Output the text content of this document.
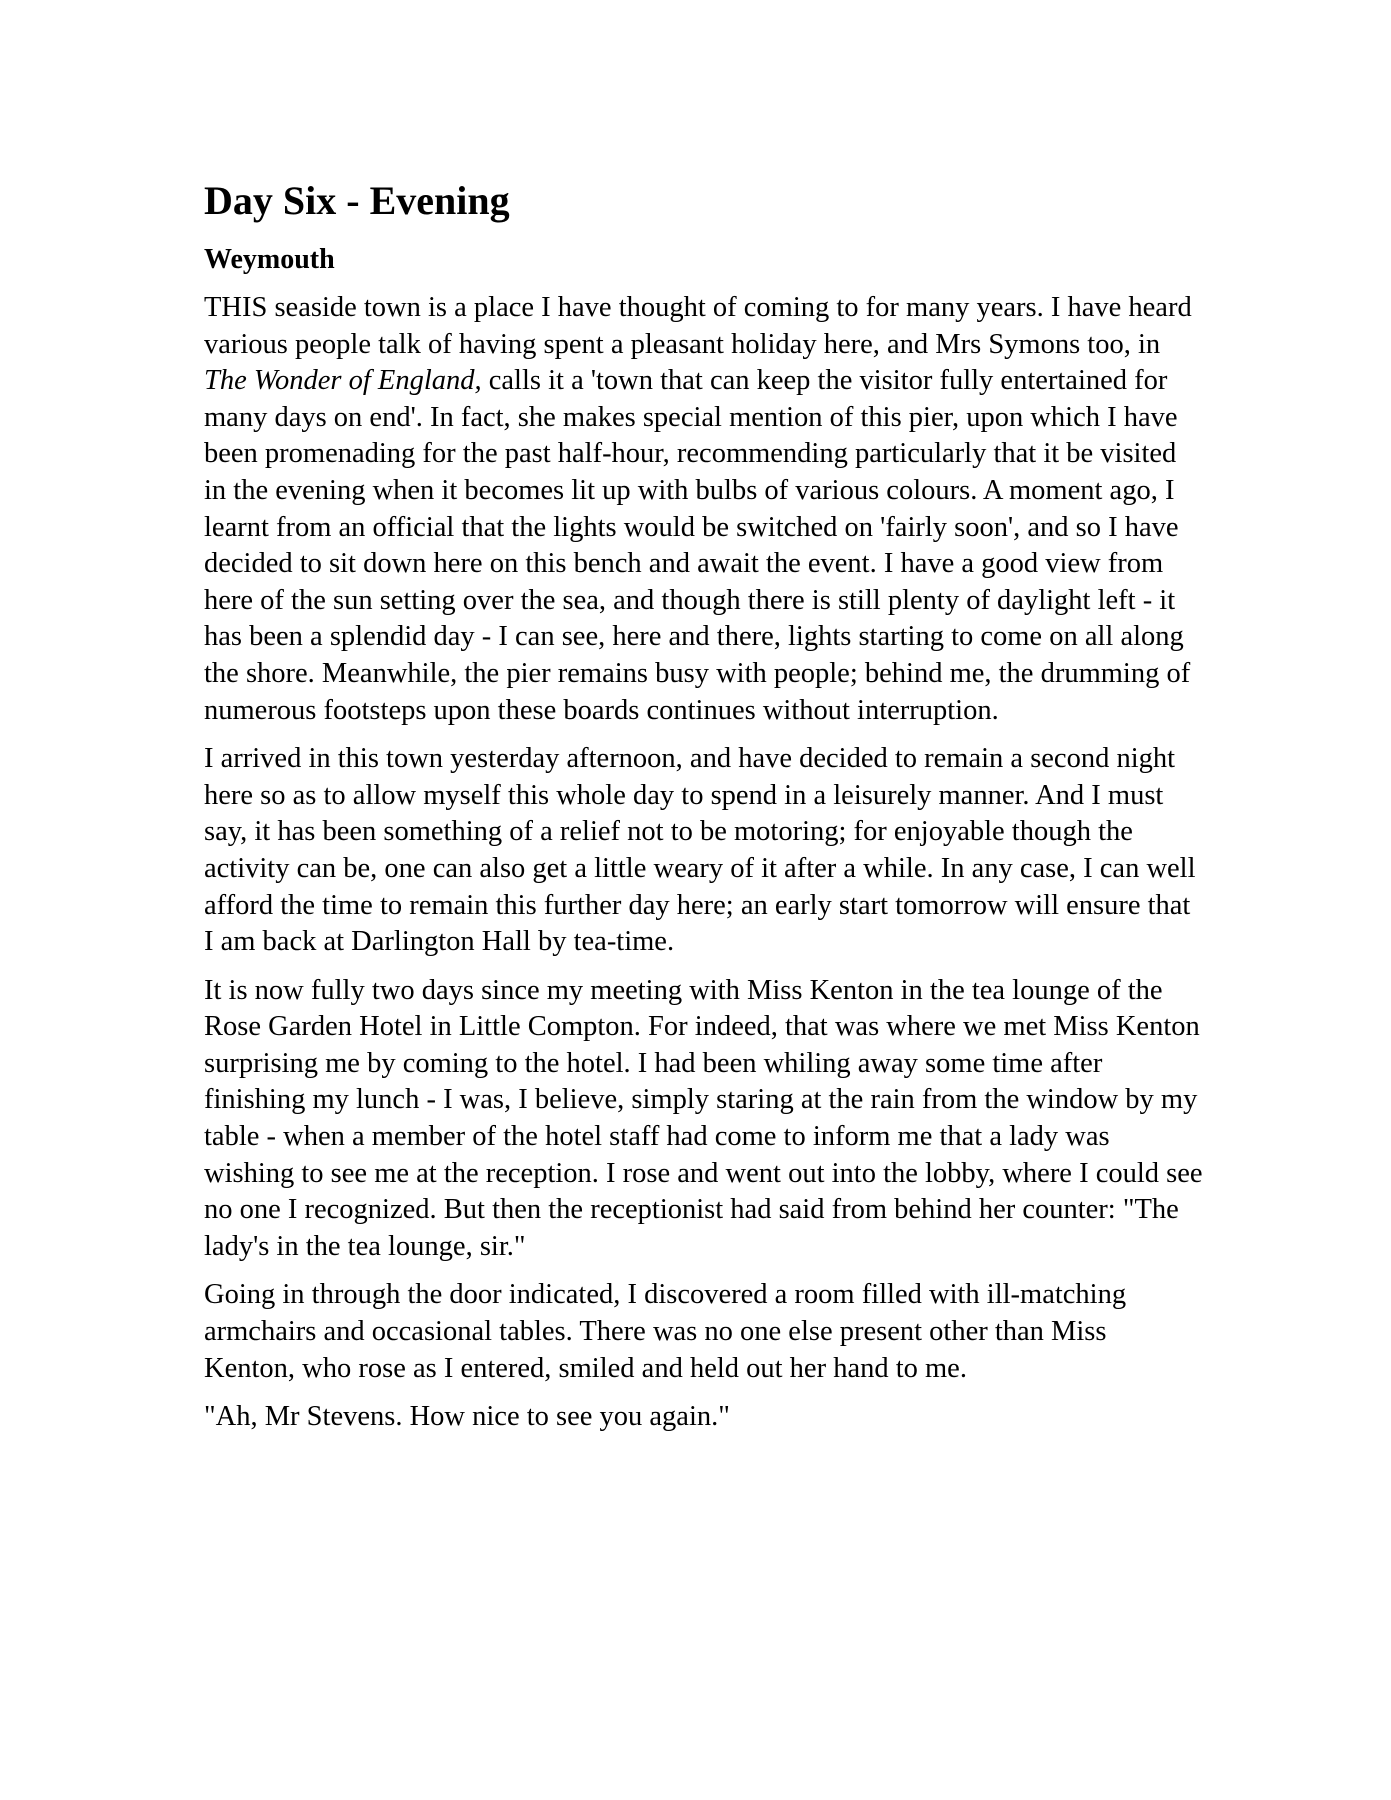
Day Six - Evening
Weymouth

THIS seaside town is a place I have thought of coming to for many years. I have heard various people talk of having spent a pleasant holiday here, and Mrs Symons too, in The Wonder of England, calls it a 'town that can keep the visitor fully entertained for many days on end'. In fact, she makes special mention of this pier, upon which I have been promenading for the past half-hour, recommending particularly that it be visited in the evening when it becomes lit up with bulbs of various colours. A moment ago, I learnt from an official that the lights would be switched on 'fairly soon', and so I have decided to sit down here on this bench and await the event. I have a good view from here of the sun setting over the sea, and though there is still plenty of daylight left - it has been a splendid day - I can see, here and there, lights starting to come on all along the shore. Meanwhile, the pier remains busy with people; behind me, the drumming of numerous footsteps upon these boards continues without interruption.

I arrived in this town yesterday afternoon, and have decided to remain a second night here so as to allow myself this whole day to spend in a leisurely manner. And I must say, it has been something of a relief not to be motoring; for enjoyable though the activity can be, one can also get a little weary of it after a while. In any case, I can well afford the time to remain this further day here; an early start tomorrow will ensure that I am back at Darlington Hall by tea-time.

It is now fully two days since my meeting with Miss Kenton in the tea lounge of the Rose Garden Hotel in Little Compton. For indeed, that was where we met Miss Kenton surprising me by coming to the hotel. I had been whiling away some time after finishing my lunch - I was, I believe, simply staring at the rain from the window by my table - when a member of the hotel staff had come to inform me that a lady was wishing to see me at the reception. I rose and went out into the lobby, where I could see no one I recognized. But then the receptionist had said from behind her counter: "The lady's in the tea lounge, sir."

Going in through the door indicated, I discovered a room filled with ill-matching armchairs and occasional tables. There was no one else present other than Miss Kenton, who rose as I entered, smiled and held out her hand to me.

"Ah, Mr Stevens. How nice to see you again."
